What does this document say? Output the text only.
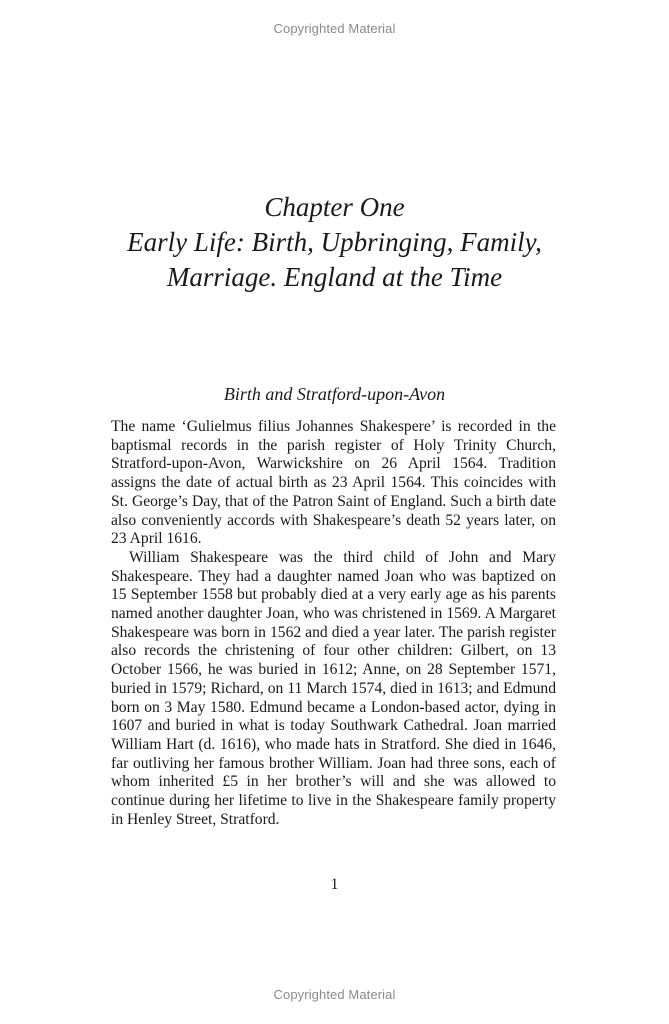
Copyrighted Material
Chapter One
Early Life: Birth, Upbringing, Family,
Marriage. England at the Time
Birth and Stratford-upon-Avon

The name ‘Gulielmus filius Johannes Shakespere’ is recorded in the baptismal records in the parish register of Holy Trinity Church, Stratford-upon-Avon, Warwickshire on 26 April 1564. Tradition assigns the date of actual birth as 23 April 1564. This coincides with St. George’s Day, that of the Patron Saint of England. Such a birth date also conveniently accords with Shakespeare’s death 52 years later, on 23 April 1616.

William Shakespeare was the third child of John and Mary Shakespeare. They had a daughter named Joan who was baptized on 15 September 1558 but probably died at a very early age as his parents named another daughter Joan, who was christened in 1569. A Margaret Shakespeare was born in 1562 and died a year later. The parish register also records the christening of four other children: Gilbert, on 13 October 1566, he was buried in 1612; Anne, on 28 September 1571, buried in 1579; Richard, on 11 March 1574, died in 1613; and Edmund born on 3 May 1580. Edmund became a London-based actor, dying in 1607 and buried in what is today Southwark Cathedral. Joan married William Hart (d. 1616), who made hats in Stratford. She died in 1646, far outliving her famous brother William. Joan had three sons, each of whom inherited £5 in her brother’s will and she was allowed to continue during her lifetime to live in the Shakespeare family property in Henley Street, Stratford.

1
Copyrighted Material
